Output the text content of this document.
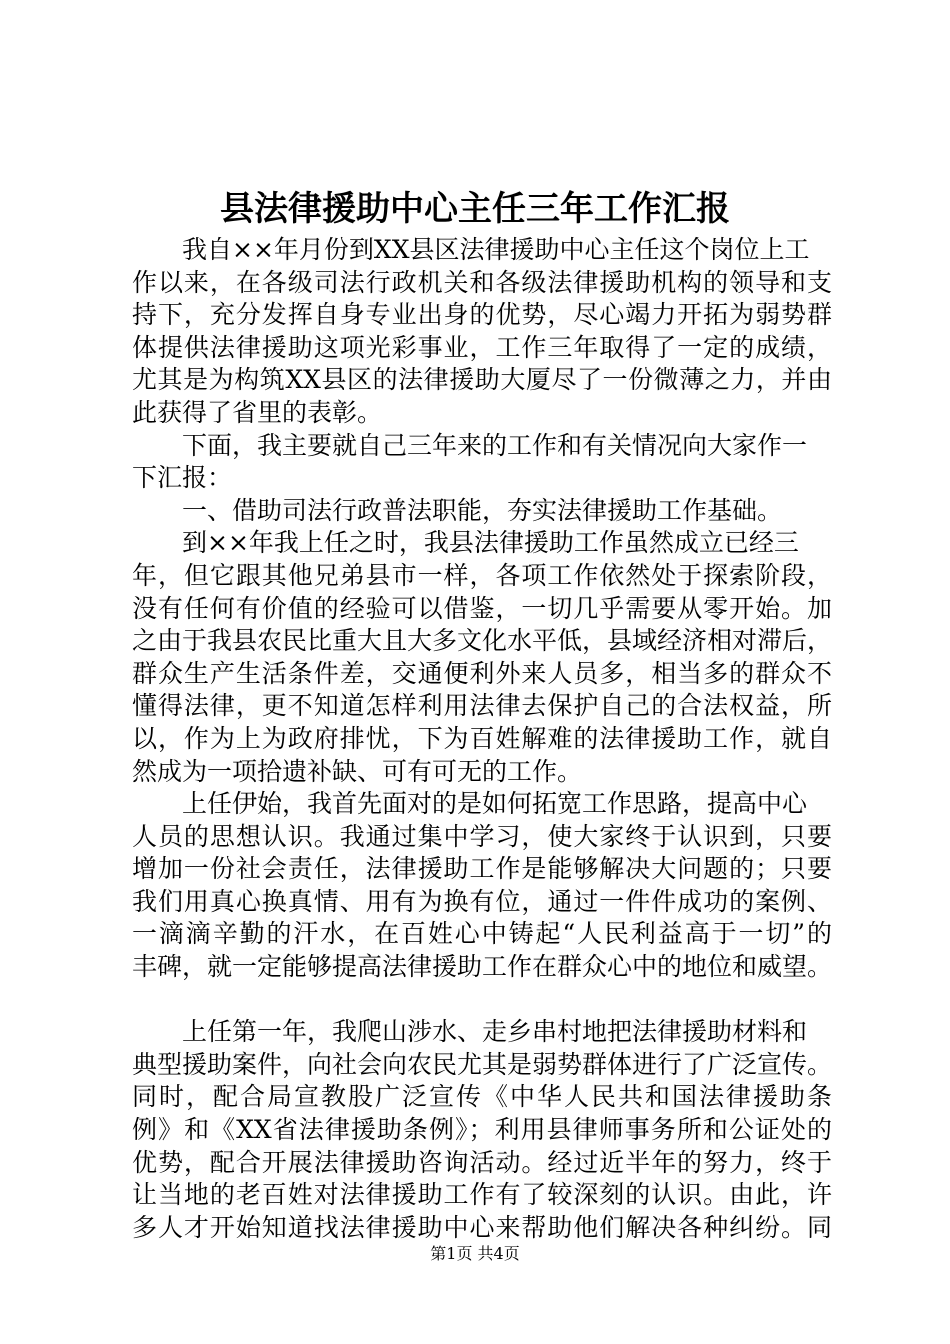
县法律援助中心主任三年工作汇报
我自××年月份到XX县区法律援助中心主任这个岗位上工
作以来，在各级司法行政机关和各级法律援助机构的领导和支
持下，充分发挥自身专业出身的优势，尽心竭力开拓为弱势群
体提供法律援助这项光彩事业，工作三年取得了一定的成绩，
尤其是为构筑XX县区的法律援助大厦尽了一份微薄之力，并由
此获得了省里的表彰。
下面，我主要就自己三年来的工作和有关情况向大家作一
下汇报：
一、借助司法行政普法职能，夯实法律援助工作基础。
到××年我上任之时，我县法律援助工作虽然成立已经三
年，但它跟其他兄弟县市一样，各项工作依然处于探索阶段，
没有任何有价值的经验可以借鉴，一切几乎需要从零开始。加
之由于我县农民比重大且大多文化水平低，县域经济相对滞后，
群众生产生活条件差，交通便利外来人员多，相当多的群众不
懂得法律，更不知道怎样利用法律去保护自己的合法权益，所
以，作为上为政府排忧，下为百姓解难的法律援助工作，就自
然成为一项拾遗补缺、可有可无的工作。
上任伊始，我首先面对的是如何拓宽工作思路，提高中心
人员的思想认识。我通过集中学习，使大家终于认识到，只要
增加一份社会责任，法律援助工作是能够解决大问题的；只要
我们用真心换真情、用有为换有位，通过一件件成功的案例、
一滴滴辛勤的汗水，在百姓心中铸起“人民利益高于一切”的
丰碑，就一定能够提高法律援助工作在群众心中的地位和威望。
上任第一年，我爬山涉水、走乡串村地把法律援助材料和
典型援助案件，向社会向农民尤其是弱势群体进行了广泛宣传。
同时，配合局宣教股广泛宣传《中华人民共和国法律援助条
例》和《XX省法律援助条例》；利用县律师事务所和公证处的
优势，配合开展法律援助咨询活动。经过近半年的努力，终于
让当地的老百姓对法律援助工作有了较深刻的认识。由此，许
多人才开始知道找法律援助中心来帮助他们解决各种纠纷。同
第1页 共4页
